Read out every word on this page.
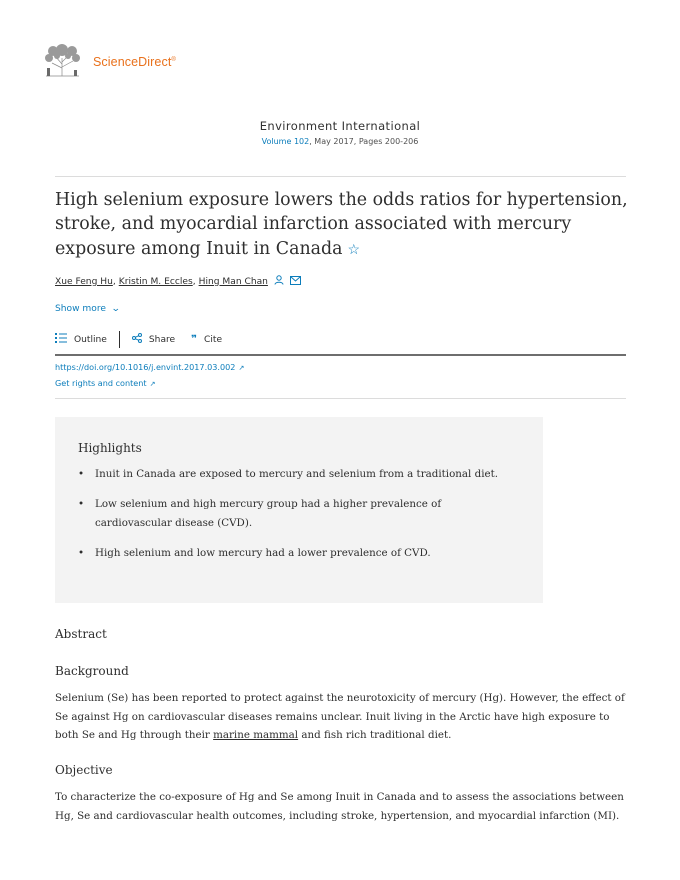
ScienceDirect®
Environment International
Volume 102, May 2017, Pages 200-206
High selenium exposure lowers the odds ratios for hypertension, stroke, and myocardial infarction associated with mercury exposure among Inuit in Canada ☆
Xue Feng Hu , Kristin M. Eccles , Hing Man Chan
Show more ⌄
Outline	Share ❞ Cite
https://doi.org/10.1016/j.envint.2017.03.002 ↗
Get rights and content ↗
Highlights
• Inuit in Canada are exposed to mercury and selenium from a traditional diet.
• Low selenium and high mercury group had a higher prevalence of cardiovascular disease (CVD).
• High selenium and low mercury had a lower prevalence of CVD.
Abstract
Background

Selenium (Se) has been reported to protect against the neurotoxicity of mercury (Hg). However, the effect of Se against Hg on cardiovascular diseases remains unclear. Inuit living in the Arctic have high exposure to both Se and Hg through their marine mammal and fish rich traditional diet.

Objective

To characterize the co-exposure of Hg and Se among Inuit in Canada and to assess the associations between Hg, Se and cardiovascular health outcomes, including stroke, hypertension, and myocardial infarction (MI).
